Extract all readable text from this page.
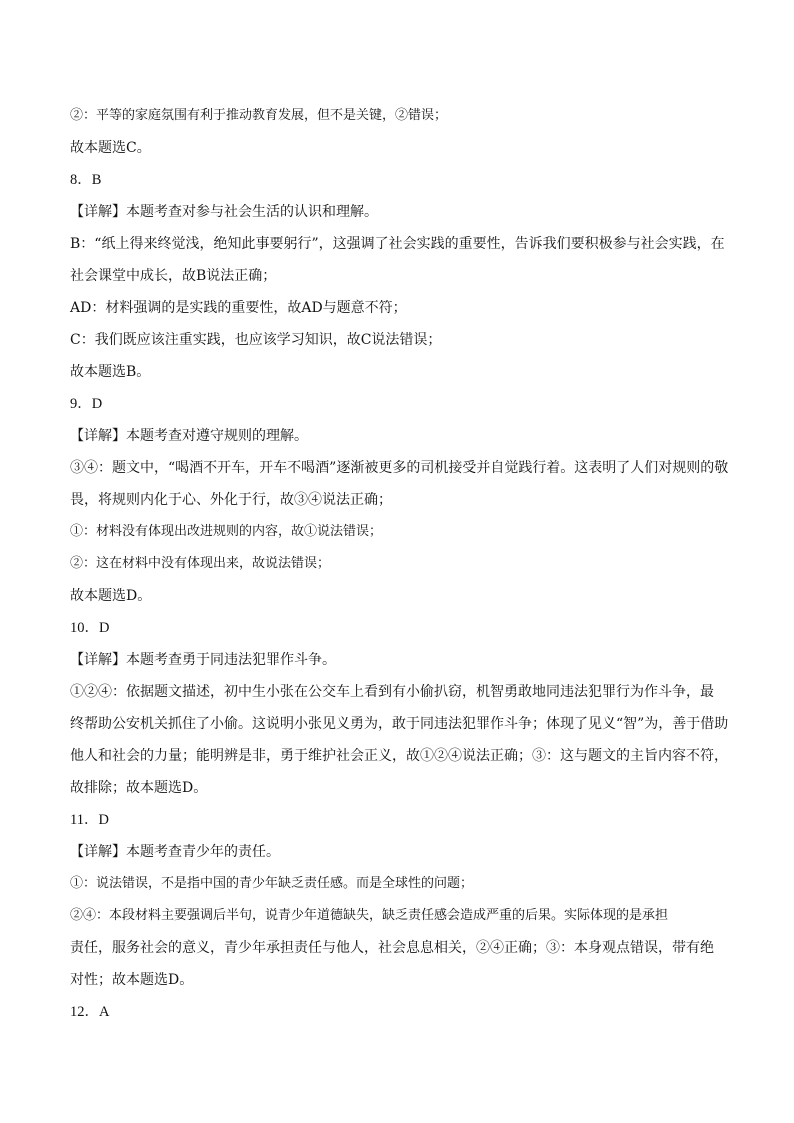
②：平等的家庭氛围有利于推动教育发展，但不是关键，②错误；
故本题选C。
8．B
【详解】本题考查对参与社会生活的认识和理解。
B：“纸上得来终觉浅，绝知此事要躬行”，这强调了社会实践的重要性，告诉我们要积极参与社会实践，在
社会课堂中成长，故B说法正确；
AD：材料强调的是实践的重要性，故AD与题意不符；
C：我们既应该注重实践，也应该学习知识，故C说法错误；
故本题选B。
9．D
【详解】本题考查对遵守规则的理解。
③④：题文中，“喝酒不开车，开车不喝酒”逐渐被更多的司机接受并自觉践行着。这表明了人们对规则的敬
畏，将规则内化于心、外化于行，故③④说法正确；
①：材料没有体现出改进规则的内容，故①说法错误；
②：这在材料中没有体现出来，故说法错误；
故本题选D。
10．D
【详解】本题考查勇于同违法犯罪作斗争。
①②④：依据题文描述，初中生小张在公交车上看到有小偷扒窃，机智勇敢地同违法犯罪行为作斗争，最
终帮助公安机关抓住了小偷。这说明小张见义勇为，敢于同违法犯罪作斗争；体现了见义“智”为，善于借助
他人和社会的力量；能明辨是非，勇于维护社会正义，故①②④说法正确；③：这与题文的主旨内容不符，
故排除；故本题选D。
11．D
【详解】本题考查青少年的责任。
①：说法错误，不是指中国的青少年缺乏责任感。而是全球性的问题；
②④：本段材料主要强调后半句，说青少年道德缺失，缺乏责任感会造成严重的后果。实际体现的是承担
责任，服务社会的意义，青少年承担责任与他人，社会息息相关，②④正确；③：本身观点错误，带有绝
对性；故本题选D。
12．A
